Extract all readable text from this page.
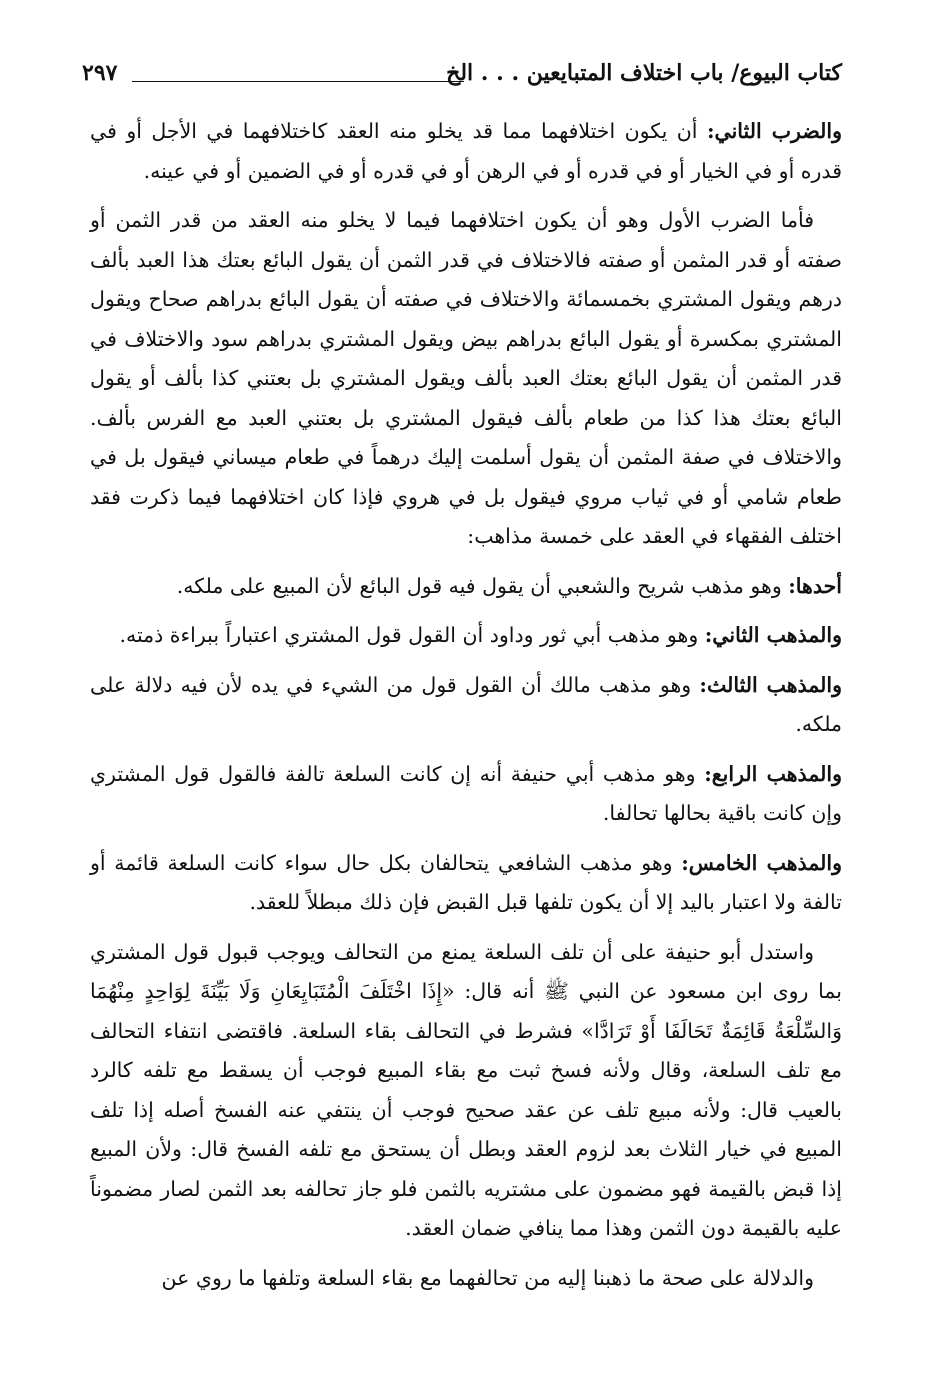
كتاب البيوع/ باب اختلاف المتبايعين . . . الخ
٢٩٧

والضرب الثاني: أن يكون اختلافهما مما قد يخلو منه العقد كاختلافهما في الأجل أو في قدره أو في الخيار أو في قدره أو في الرهن أو في قدره أو في الضمين أو في عينه.

فأما الضرب الأول وهو أن يكون اختلافهما فيما لا يخلو منه العقد من قدر الثمن أو صفته أو قدر المثمن أو صفته فالاختلاف في قدر الثمن أن يقول البائع بعتك هذا العبد بألف درهم ويقول المشتري بخمسمائة والاختلاف في صفته أن يقول البائع بدراهم صحاح ويقول المشتري بمكسرة أو يقول البائع بدراهم بيض ويقول المشتري بدراهم سود والاختلاف في قدر المثمن أن يقول البائع بعتك العبد بألف ويقول المشتري بل بعتني كذا بألف أو يقول البائع بعتك هذا كذا من طعام بألف فيقول المشتري بل بعتني العبد مع الفرس بألف. والاختلاف في صفة المثمن أن يقول أسلمت إليك درهماً في طعام ميساني فيقول بل في طعام شامي أو في ثياب مروي فيقول بل في هروي فإذا كان اختلافهما فيما ذكرت فقد اختلف الفقهاء في العقد على خمسة مذاهب:

أحدها: وهو مذهب شريح والشعبي أن يقول فيه قول البائع لأن المبيع على ملكه.

والمذهب الثاني: وهو مذهب أبي ثور وداود أن القول قول المشتري اعتباراً ببراءة ذمته.

والمذهب الثالث: وهو مذهب مالك أن القول قول من الشيء في يده لأن فيه دلالة على ملكه.

والمذهب الرابع: وهو مذهب أبي حنيفة أنه إن كانت السلعة تالفة فالقول قول المشتري وإن كانت باقية بحالها تحالفا.

والمذهب الخامس: وهو مذهب الشافعي يتحالفان بكل حال سواء كانت السلعة قائمة أو تالفة ولا اعتبار باليد إلا أن يكون تلفها قبل القبض فإن ذلك مبطلاً للعقد.

واستدل أبو حنيفة على أن تلف السلعة يمنع من التحالف ويوجب قبول قول المشتري بما روى ابن مسعود عن النبي ﷺ أنه قال: «إِذَا اخْتَلَفَ الْمُتَبَايِعَانِ وَلَا بَيِّنَةَ لِوَاحِدٍ مِنْهُمَا وَالسِّلْعَةُ قَائِمَةٌ تَحَالَفَا أَوْ تَرَادَّا» فشرط في التحالف بقاء السلعة. فاقتضى انتفاء التحالف مع تلف السلعة، وقال ولأنه فسخ ثبت مع بقاء المبيع فوجب أن يسقط مع تلفه كالرد بالعيب قال: ولأنه مبيع تلف عن عقد صحيح فوجب أن ينتفي عنه الفسخ أصله إذا تلف المبيع في خيار الثلاث بعد لزوم العقد وبطل أن يستحق مع تلفه الفسخ قال: ولأن المبيع إذا قبض بالقيمة فهو مضمون على مشتريه بالثمن فلو جاز تحالفه بعد الثمن لصار مضموناً عليه بالقيمة دون الثمن وهذا مما ينافي ضمان العقد.

والدلالة على صحة ما ذهبنا إليه من تحالفهما مع بقاء السلعة وتلفها ما روي عن
